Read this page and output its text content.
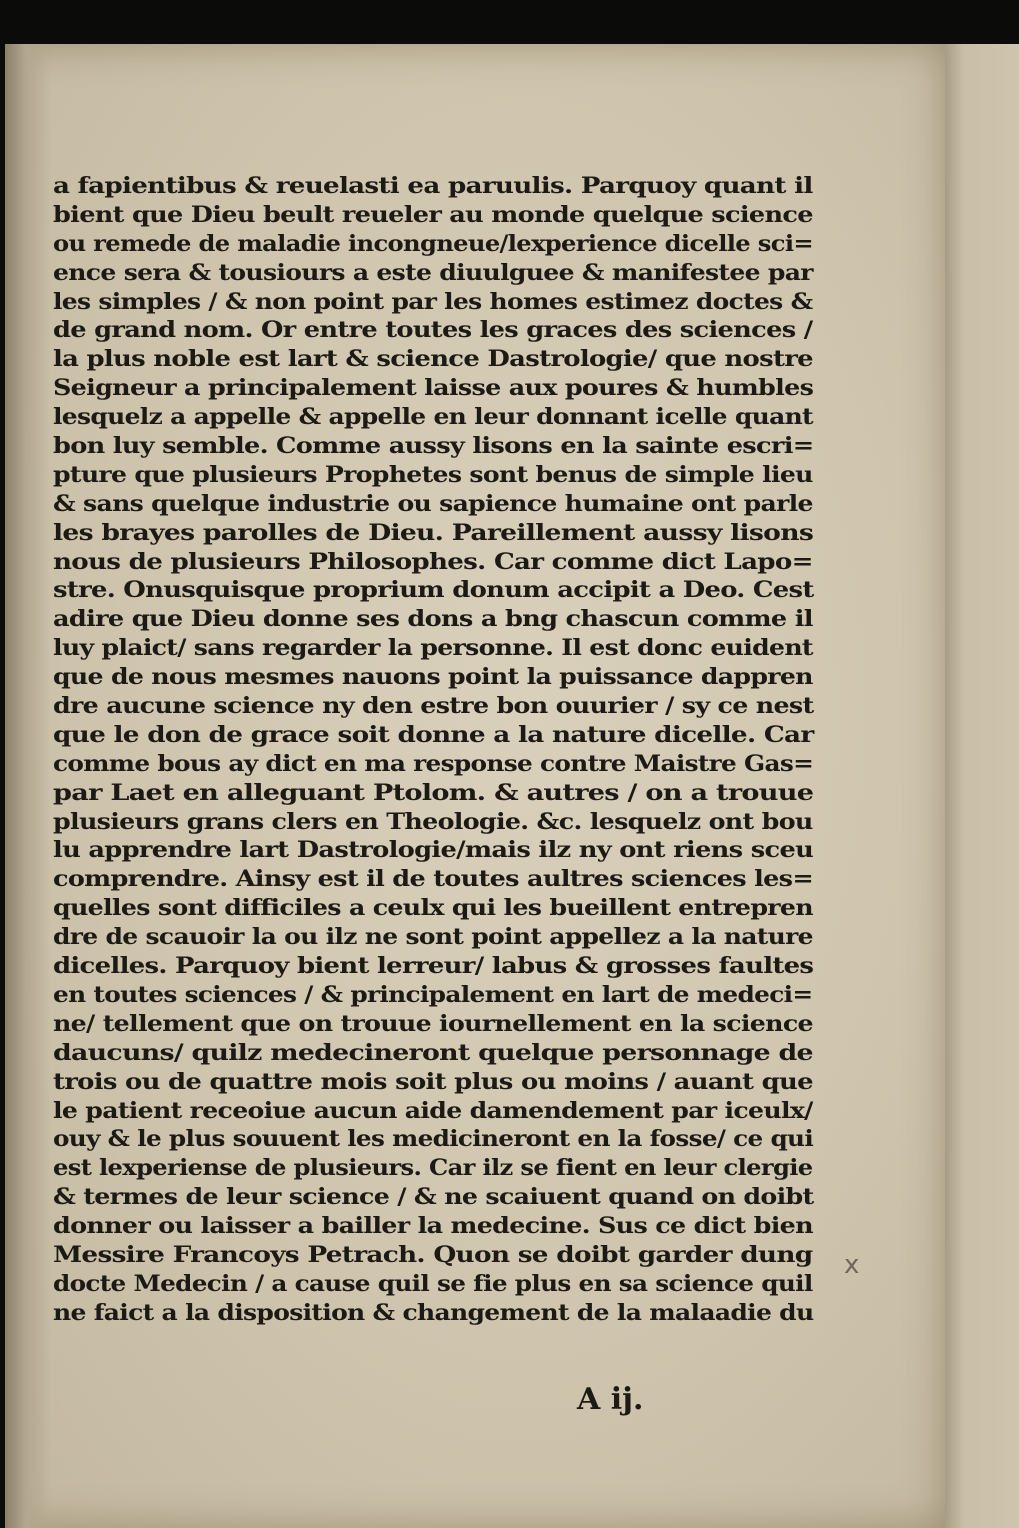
a fapientibus & reuelasti ea paruulis. Parquoy quant il
bient que Dieu beult reueler au monde quelque science
ou remede de maladie incongneue/lexperience dicelle sci=
ence sera & tousiours a este diuulguee & manifestee par
les simples / & non point par les homes estimez doctes &
de grand nom. Or entre toutes les graces des sciences /
la plus noble est lart & science Dastrologie/ que nostre
Seigneur a principalement laisse aux poures & humbles
lesquelz a appelle & appelle en leur donnant icelle quant
bon luy semble. Comme aussy lisons en la sainte escri=
pture que plusieurs Prophetes sont benus de simple lieu
& sans quelque industrie ou sapience humaine ont parle
les brayes parolles de Dieu. Pareillement aussy lisons
nous de plusieurs Philosophes. Car comme dict Lapo=
stre. Onusquisque proprium donum accipit a Deo. Cest
adire que Dieu donne ses dons a bng chascun comme il
luy plaict/ sans regarder la personne. Il est donc euident
que de nous mesmes nauons point la puissance dappren
dre aucune science ny den estre bon ouurier / sy ce nest
que le don de grace soit donne a la nature dicelle. Car
comme bous ay dict en ma response contre Maistre Gas=
par Laet en alleguant Ptolom. & autres / on a trouue
plusieurs grans clers en Theologie. &c. lesquelz ont bou
lu apprendre lart Dastrologie/mais ilz ny ont riens sceu
comprendre. Ainsy est il de toutes aultres sciences les=
quelles sont difficiles a ceulx qui les bueillent entrepren
dre de scauoir la ou ilz ne sont point appellez a la nature
dicelles. Parquoy bient lerreur/ labus & grosses faultes
en toutes sciences / & principalement en lart de medeci=
ne/ tellement que on trouue iournellement en la science
daucuns/ quilz medecineront quelque personnage de
trois ou de quattre mois soit plus ou moins / auant que
le patient receoiue aucun aide damendement par iceulx/
ouy & le plus souuent les medicineront en la fosse/ ce qui
est lexperiense de plusieurs. Car ilz se fient en leur clergie
& termes de leur science / & ne scaiuent quand on doibt
donner ou laisser a bailler la medecine. Sus ce dict bien
Messire Francoys Petrach. Quon se doibt garder dung
docte Medecin / a cause quil se fie plus en sa science quil
ne faict a la disposition & changement de la malaadie du

A ij.

x
